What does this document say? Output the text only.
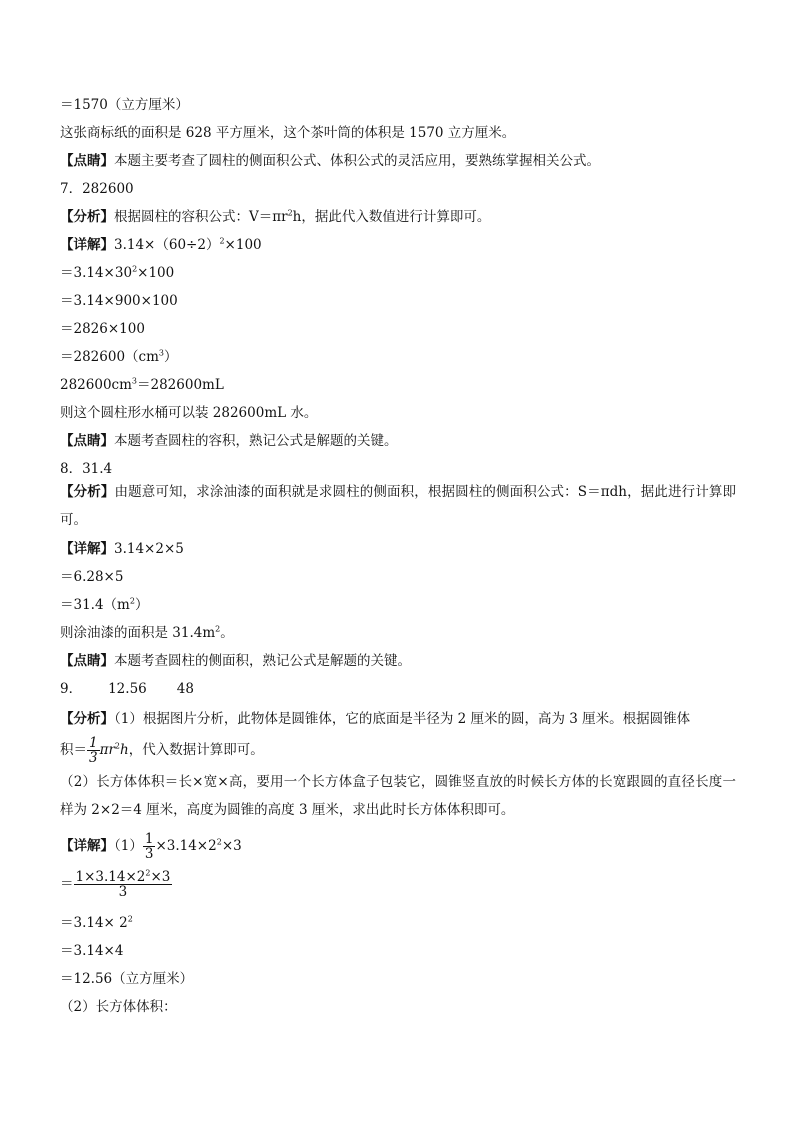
＝1570（立方厘米）
这张商标纸的面积是 628 平方厘米，这个茶叶筒的体积是 1570 立方厘米。
【点睛】本题主要考查了圆柱的侧面积公式、体积公式的灵活应用，要熟练掌握相关公式。
7．282600
【分析】根据圆柱的容积公式：$V=\pi r^2h$，据此代入数值进行计算即可。
【详解】$3.14\times(60\div 2)^2\times 100$
$=3.14\times 30^2\times 100$
＝3.14×900×100
＝2826×100
$=282600(cm^3)$
$282600cm^3=282600mL$
则这个圆柱形水桶可以装 282600mL 水。
【点睛】本题考查圆柱的容积，熟记公式是解题的关键。
8．31.4
【分析】由题意可知，求涂油漆的面积就是求圆柱的侧面积，根据圆柱的侧面积公式：S＝πdh，据此进行计算即可。
【详解】3.14×2×5
＝6.28×5
$=31.4(m^2)$
则涂油漆的面积是 $31.4m^2$。
【点睛】本题考查圆柱的侧面积，熟记公式是解题的关键。
9． 12.56 48
【分析】（1）根据图片分析，此物体是圆锥体，它的底面是半径为 2 厘米的圆，高为 3 厘米。根据圆锥体
积＝ $\frac{1}{3} \pi r^2h$，代入数据计算即可。
（2）长方体体积＝长×宽×高，要用一个长方体盒子包装它，圆锥竖直放的时候长方体的长宽跟圆的直径长度一样为 2×2＝4 厘米，高度为圆锥的高度 3 厘米，求出此时长方体体积即可。
【详解】$(1) \frac{1}{3} \times 3.14\times 2^2\times 3$
＝ $\frac{1\times 3.14\times 2^2\times 3}{3}$
$=3.14\times 2^2$
＝3.14×4
＝12.56（立方厘米）
（2）长方体体积：
